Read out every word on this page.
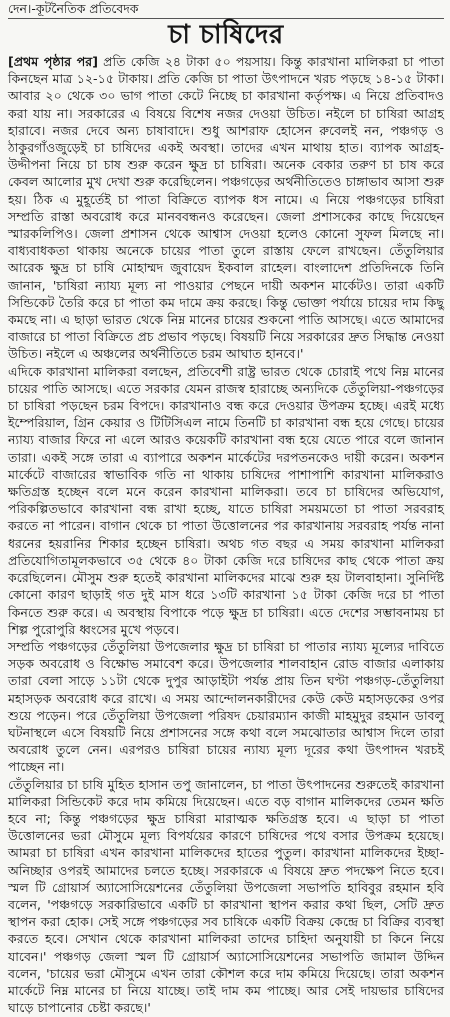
দেন।-কূটনৈতিক প্রতিবেদক
চা চাষিদের

[প্রথম পৃষ্ঠার পর] প্রতি কেজি ২৪ টাকা ৫০ পয়সায়। কিন্তু কারখানা মালিকরা চা পাতা কিনছেন মাত্র ১২-১৫ টাকায়। প্রতি কেজি চা পাতা উৎপাদনে খরচ পড়ছে ১৪-১৫ টাকা। আবার ২০ থেকে ৩০ ভাগ পাতা কেটে নিচ্ছে চা কারখানা কর্তৃপক্ষ। এ নিয়ে প্রতিবাদও করা যায় না। সরকারের এ বিষয়ে বিশেষ নজর দেওয়া উচিত। নইলে চা চাষিরা আগ্রহ হারাবে। নজর দেবে অন্য চাষাবাদে। শুধু আশরাফ হোসেন রুবেলই নন, পঞ্চগড় ও ঠাকুরগাঁওজুড়েই চা চাষিদের একই অবস্থা। তাদের এখন মাথায় হাত। ব্যাপক আগ্রহ-উদ্দীপনা নিয়ে চা চাষ শুরু করেন ক্ষুদ্র চা চাষিরা। অনেক বেকার তরুণ চা চাষ করে কেবল আলোর মুখ দেখা শুরু করেছিলেন। পঞ্চগড়ের অর্থনীতিতেও চাঙ্গাভাব আসা শুরু হয়। ঠিক এ মুহূর্তেই চা পাতা বিক্রিতে ব্যাপক ধস নামে। এ নিয়ে পঞ্চগড়ের চাষিরা সম্প্রতি রাস্তা অবরোধ করে মানববন্ধনও করেছেন। জেলা প্রশাসকের কাছে দিয়েছেন স্মারকলিপিও। জেলা প্রশাসন থেকে আশ্বাস দেওয়া হলেও কোনো সুফল মিলছে না। বাধ্যবাধকতা থাকায় অনেকে চায়ের পাতা তুলে রাস্তায় ফেলে রাখছেন। তেঁতুলিয়ার আরেক ক্ষুদ্র চা চাষি মোহাম্মদ জুবায়েদ ইকবাল রাহেল। বাংলাদেশ প্রতিদিনকে তিনি জানান, 'চাষিরা ন্যায্য মূল্য না পাওয়ার পেছনে দায়ী অকশন মার্কেটও। তারা একটি সিন্ডিকেট তৈরি করে চা পাতা কম দামে ক্রয় করছে। কিন্তু ভোক্তা পর্যায়ে চায়ের দাম কিছু কমছে না। এ ছাড়া ভারত থেকে নিম্ন মানের চায়ের শুকনো পাতি আসছে। এতে আমাদের বাজারে চা পাতা বিক্রিতে প্রচ প্রভাব পড়ছে। বিষয়টি নিয়ে সরকারের দ্রুত সিদ্ধান্ত নেওয়া উচিত। নইলে এ অঞ্চলের অর্থনীতিতে চরম আঘাত হানবে।'

এদিকে কারখানা মালিকরা বলছেন, প্রতিবেশী রাষ্ট্র ভারত থেকে চোরাই পথে নিম্ন মানের চায়ের পাতি আসছে। এতে সরকার যেমন রাজস্ব হারাচ্ছে অন্যদিকে তেঁতুলিয়া-পঞ্চগড়ের চা চাষিরা পড়ছেন চরম বিপদে। কারখানাও বন্ধ করে দেওয়ার উপক্রম হচ্ছে। এরই মধ্যে ইম্পেরিয়াল, গ্রিন কেয়ার ও টিটিসিএল নামে তিনটি চা কারখানা বন্ধ হয়ে গেছে। চায়ের ন্যায্য বাজার ফিরে না এলে আরও কয়েকটি কারখানা বন্ধ হয়ে যেতে পারে বলে জানান তারা। একই সঙ্গে তারা এ ব্যাপারে অকশন মার্কেটের দরপতনকেও দায়ী করেন। অকশন মার্কেটে বাজারের স্বাভাবিক গতি না থাকায় চাষিদের পাশাপাশি কারখানা মালিকরাও ক্ষতিগ্রস্ত হচ্ছেন বলে মনে করেন কারখানা মালিকরা। তবে চা চাষিদের অভিযোগ, পরিকল্পিতভাবে কারখানা বন্ধ রাখা হচ্ছে, যাতে চাষিরা সময়মতো চা পাতা সরবরাহ করতে না পারেন। বাগান থেকে চা পাতা উত্তোলনের পর কারখানায় সরবরাহ পর্যন্ত নানা ধরনের হয়রানির শিকার হচ্ছেন চাষিরা। অথচ গত বছর এ সময় কারখানা মালিকরা প্রতিযোগিতামূলকভাবে ৩৫ থেকে ৪০ টাকা কেজি দরে চাষিদের কাছ থেকে পাতা ক্রয় করেছিলেন। মৌসুম শুরু হতেই কারখানা মালিকদের মাঝে শুরু হয় টালবাহানা। সুনির্দিষ্ট কোনো কারণ ছাড়াই গত দুই মাস ধরে ১৩টি কারখানা ১৫ টাকা কেজি দরে চা পাতা কিনতে শুরু করে। এ অবস্থায় বিপাকে পড়ে ক্ষুদ্র চা চাষিরা। এতে দেশের সম্ভাবনাময় চা শিল্প পুরোপুরি ধ্বংসের মুখে পড়বে।

সম্প্রতি পঞ্চগড়ের তেঁতুলিয়া উপজেলার ক্ষুদ্র চা চাষিরা চা পাতার ন্যায্য মূল্যের দাবিতে সড়ক অবরোধ ও বিক্ষোভ সমাবেশ করে। উপজেলার শালবাহান রোড বাজার এলাকায় তারা বেলা সাড়ে ১১টা থেকে দুপুর আড়াইটা পর্যন্ত প্রায় তিন ঘণ্টা পঞ্চগড়-তেঁতুলিয়া মহাসড়ক অবরোধ করে রাখে। এ সময় আন্দোলনকারীদের কেউ কেউ মহাসড়কের ওপর শুয়ে পড়েন। পরে তেঁতুলিয়া উপজেলা পরিষদ চেয়ারম্যান কাজী মাহমুদুর রহমান ডাবলু ঘটনাস্থলে এসে বিষয়টি নিয়ে প্রশাসনের সঙ্গে কথা বলে সমঝোতার আশ্বাস দিলে তারা অবরোধ তুলে নেন। এরপরও চাষিরা চায়ের ন্যায্য মূল্য দূরের কথা উৎপাদন খরচই পাচ্ছেন না।

তেঁতুলিয়ার চা চাষি মুহিত হাসান তপু জানালেন, চা পাতা উৎপাদনের শুরুতেই কারখানা মালিকরা সিন্ডিকেট করে দাম কমিয়ে দিয়েছেন। এতে বড় বাগান মালিকদের তেমন ক্ষতি হবে না; কিন্তু পঞ্চগড়ের ক্ষুদ্র চাষিরা মারাত্মক ক্ষতিগ্রস্ত হবে। এ ছাড়া চা পাতা উত্তোলনের ভরা মৌসুমে মূল্য বিপর্যয়ের কারণে চাষিদের পথে বসার উপক্রম হয়েছে। আমরা চা চাষিরা এখন কারখানা মালিকদের হাতের পুতুল। কারখানা মালিকদের ইচ্ছা-অনিচ্ছার ওপরই আমাদের চলতে হচ্ছে। সরকারকে এ বিষয়ে দ্রুত পদক্ষেপ নিতে হবে। স্মল টি গ্রোয়ার্স অ্যাসোসিয়েশনের তেঁতুলিয়া উপজেলা সভাপতি হাবিবুর রহমান হবি বলেন, 'পঞ্চগড়ে সরকারিভাবে একটি চা কারখানা স্থাপন করার কথা ছিল, সেটি দ্রুত স্থাপন করা হোক। সেই সঙ্গে পঞ্চগড়ের সব চাষিকে একটি বিক্রয় কেন্দ্রে চা বিক্রির ব্যবস্থা করতে হবে। সেখান থেকে কারখানা মালিকরা তাদের চাহিদা অনুযায়ী চা কিনে নিয়ে যাবেন।' পঞ্চগড় জেলা স্মল টি গ্রোয়ার্স অ্যাসোসিয়েশনের সভাপতি জামাল উদ্দিন বলেন, 'চায়ের ভরা মৌসুমে এখন তারা কৌশল করে দাম কমিয়ে দিয়েছে। তারা অকশন মার্কেটে নিম্ন মানের চা নিয়ে যাচ্ছে। তাই দাম কম পাচ্ছে। আর সেই দায়ভার চাষিদের ঘাড়ে চাপানোর চেষ্টা করছে।'
